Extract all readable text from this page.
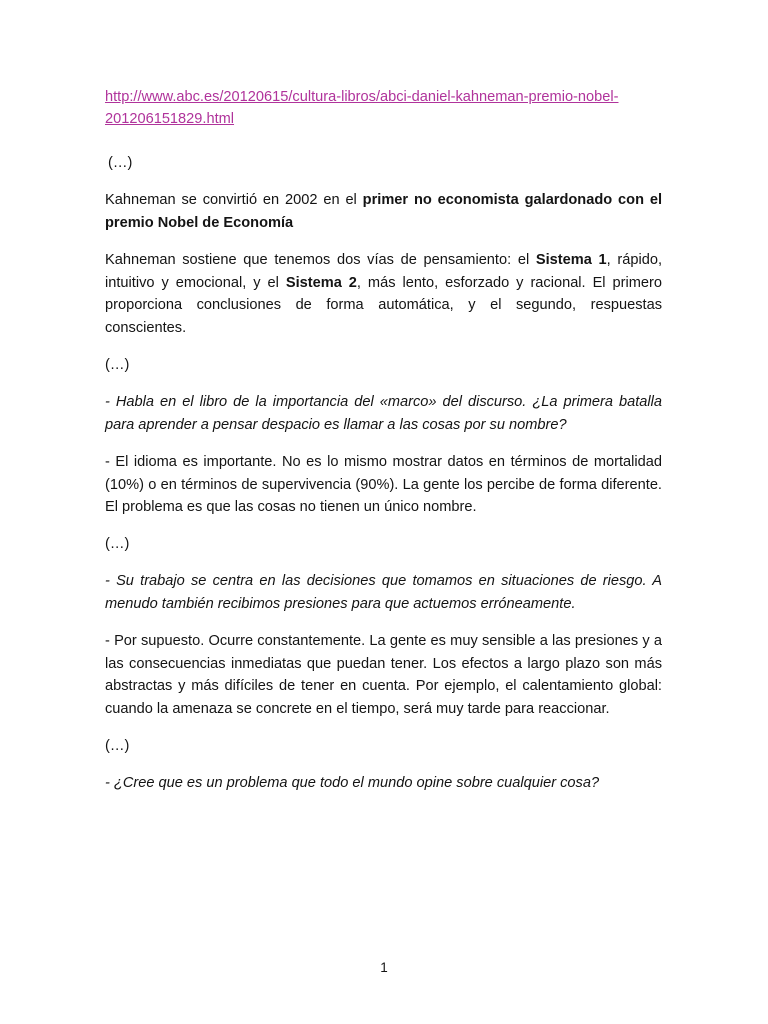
http://www.abc.es/20120615/cultura-libros/abci-daniel-kahneman-premio-nobel-201206151829.html

(…)

Kahneman se convirtió en 2002 en el primer no economista galardonado con el premio Nobel de Economía

Kahneman sostiene que tenemos dos vías de pensamiento: el Sistema 1, rápido, intuitivo y emocional, y el Sistema 2, más lento, esforzado y racional. El primero proporciona conclusiones de forma automática, y el segundo, respuestas conscientes.

(…)

- Habla en el libro de la importancia del «marco» del discurso. ¿La primera batalla para aprender a pensar despacio es llamar a las cosas por su nombre?

- El idioma es importante. No es lo mismo mostrar datos en términos de mortalidad (10%) o en términos de supervivencia (90%). La gente los percibe de forma diferente. El problema es que las cosas no tienen un único nombre.

(…)

- Su trabajo se centra en las decisiones que tomamos en situaciones de riesgo. A menudo también recibimos presiones para que actuemos erróneamente.

- Por supuesto. Ocurre constantemente. La gente es muy sensible a las presiones y a las consecuencias inmediatas que puedan tener. Los efectos a largo plazo son más abstractas y más difíciles de tener en cuenta. Por ejemplo, el calentamiento global: cuando la amenaza se concrete en el tiempo, será muy tarde para reaccionar.

(…)

- ¿Cree que es un problema que todo el mundo opine sobre cualquier cosa?

1
